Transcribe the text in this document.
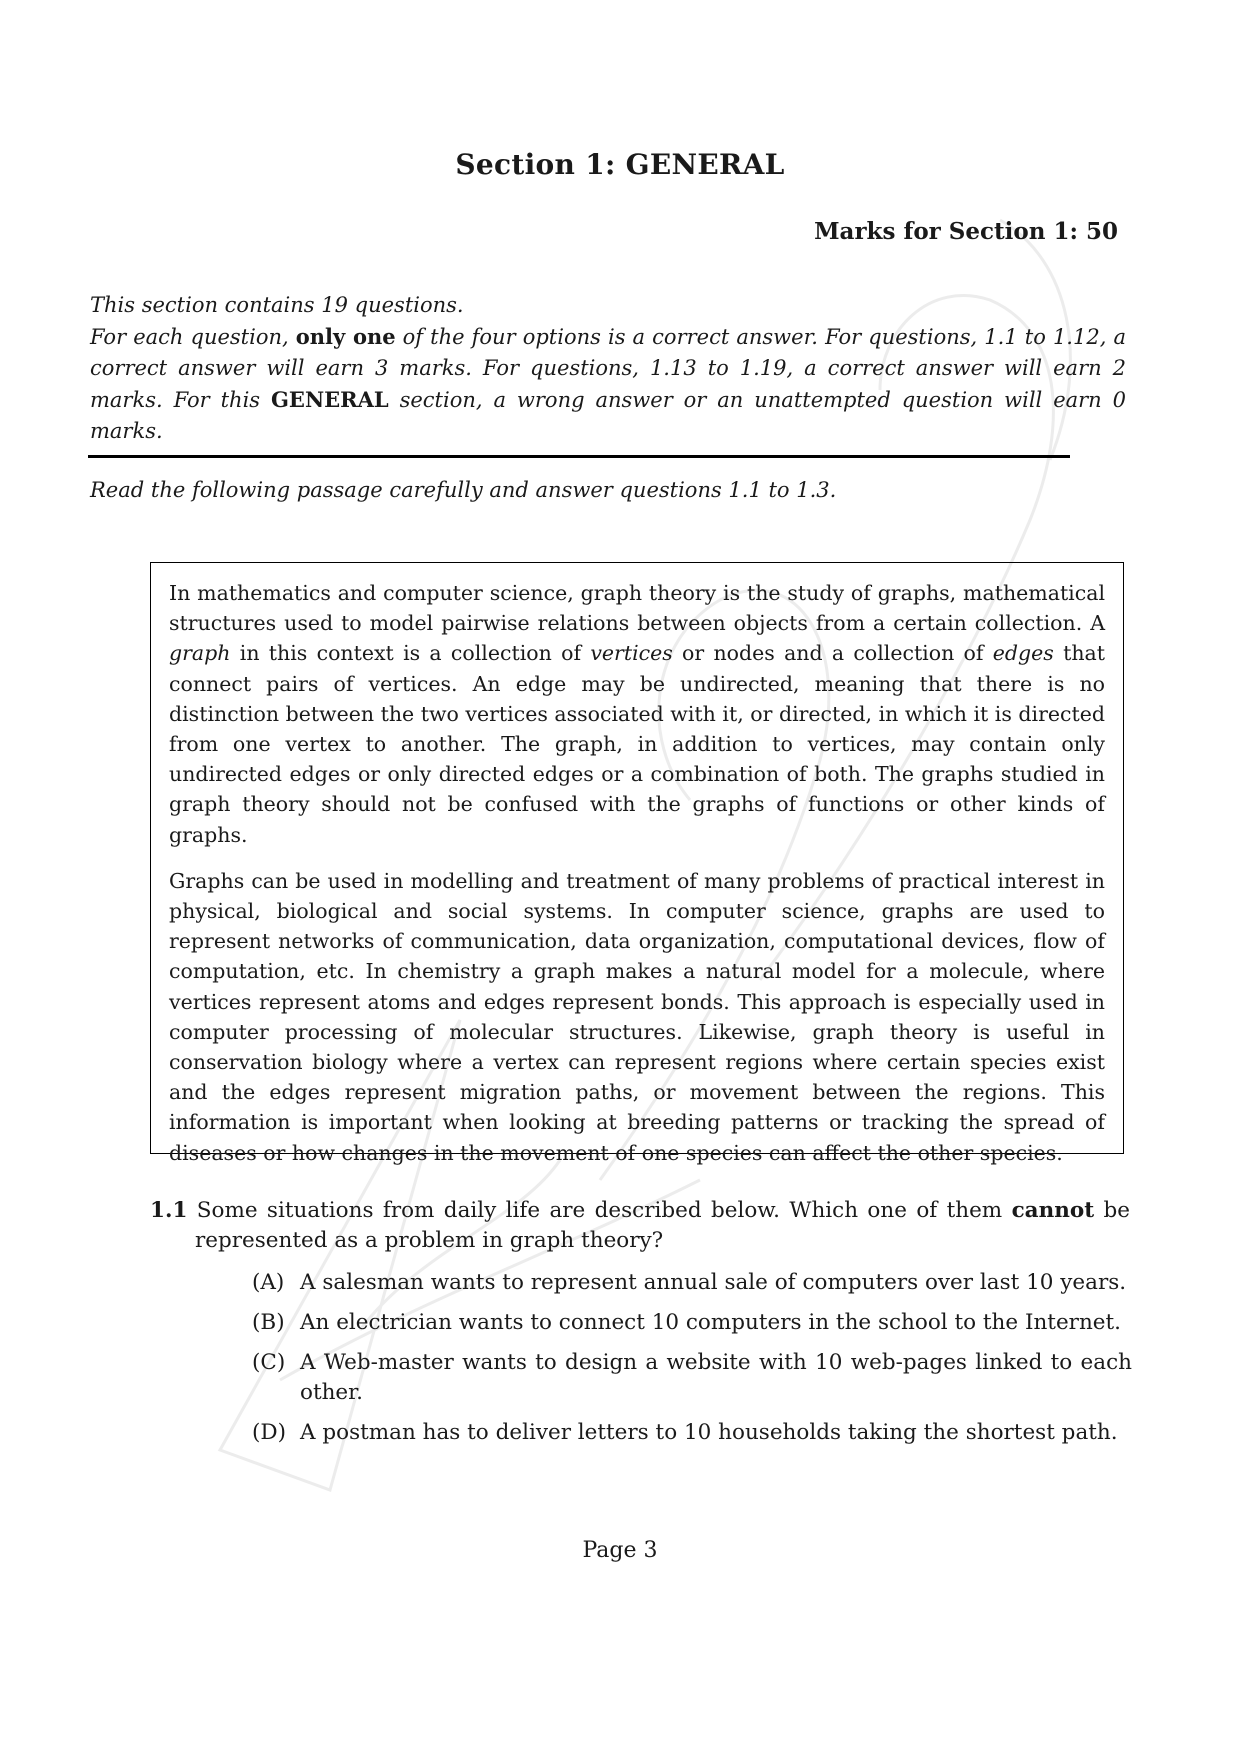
Section 1: GENERAL
Marks for Section 1: 50

This section contains 19 questions.

For each question, only one of the four options is a correct answer. For questions, 1.1 to 1.12, a correct answer will earn 3 marks. For questions, 1.13 to 1.19, a correct answer will earn 2 marks. For this GENERAL section, a wrong answer or an unattempted question will earn 0 marks.

Read the following passage carefully and answer questions 1.1 to 1.3.

In mathematics and computer science, graph theory is the study of graphs, mathematical structures used to model pairwise relations between objects from a certain collection. A graph in this context is a collection of vertices or nodes and a collection of edges that connect pairs of vertices. An edge may be undirected, meaning that there is no distinction between the two vertices associated with it, or directed, in which it is directed from one vertex to another. The graph, in addition to vertices, may contain only undirected edges or only directed edges or a combination of both. The graphs studied in graph theory should not be confused with the graphs of functions or other kinds of graphs.

Graphs can be used in modelling and treatment of many problems of practical interest in physical, biological and social systems. In computer science, graphs are used to represent networks of communication, data organization, computational devices, flow of computation, etc. In chemistry a graph makes a natural model for a molecule, where vertices represent atoms and edges represent bonds. This approach is especially used in computer processing of molecular structures. Likewise, graph theory is useful in conservation biology where a vertex can represent regions where certain species exist and the edges represent migration paths, or movement between the regions. This information is important when looking at breeding patterns or tracking the spread of diseases or how changes in the movement of one species can affect the other species.

1.1 Some situations from daily life are described below. Which one of them cannot be represented as a problem in graph theory?
(A) A salesman wants to represent annual sale of computers over last 10 years.
(B) An electrician wants to connect 10 computers in the school to the Internet.
(C) A Web-master wants to design a website with 10 web-pages linked to each other.
(D) A postman has to deliver letters to 10 households taking the shortest path.
Page 3
